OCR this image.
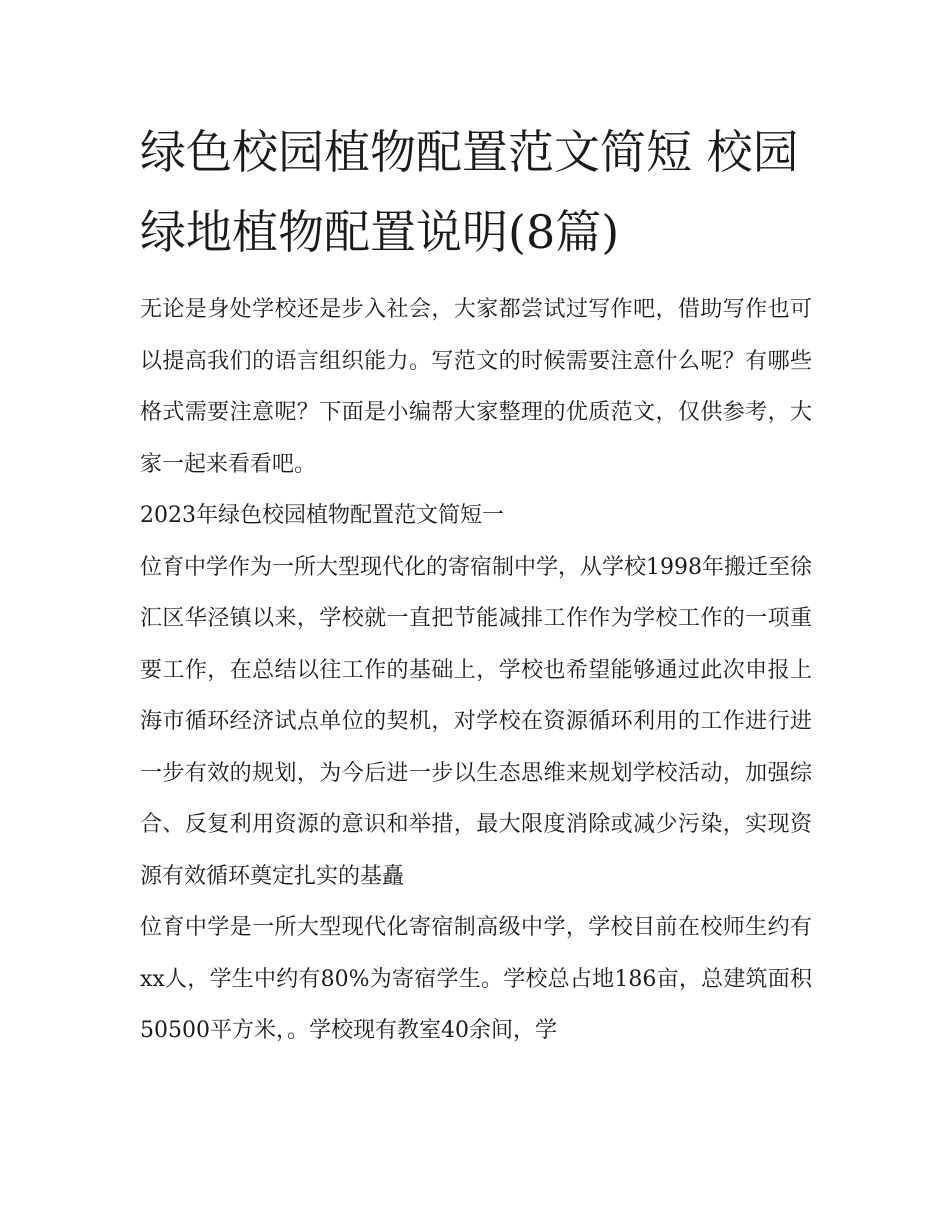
绿色校园植物配置范文简短 校园绿地植物配置说明(8篇)

无论是身处学校还是步入社会，大家都尝试过写作吧，借助写作也可以提高我们的语言组织能力。写范文的时候需要注意什么呢？有哪些格式需要注意呢？下面是小编帮大家整理的优质范文，仅供参考，大家一起来看看吧。

2023年绿色校园植物配置范文简短一

位育中学作为一所大型现代化的寄宿制中学，从学校1998年搬迁至徐汇区华泾镇以来，学校就一直把节能减排工作作为学校工作的一项重要工作，在总结以往工作的基础上，学校也希望能够通过此次申报上海市循环经济试点单位的契机，对学校在资源循环利用的工作进行进一步有效的规划，为今后进一步以生态思维来规划学校活动，加强综合、反复利用资源的意识和举措，最大限度消除或减少污染，实现资源有效循环奠定扎实的基矗

位育中学是一所大型现代化寄宿制高级中学，学校目前在校师生约有xx人，学生中约有80%为寄宿学生。学校总占地186亩，总建筑面积50500平方米，。学校现有教室40余间，学
